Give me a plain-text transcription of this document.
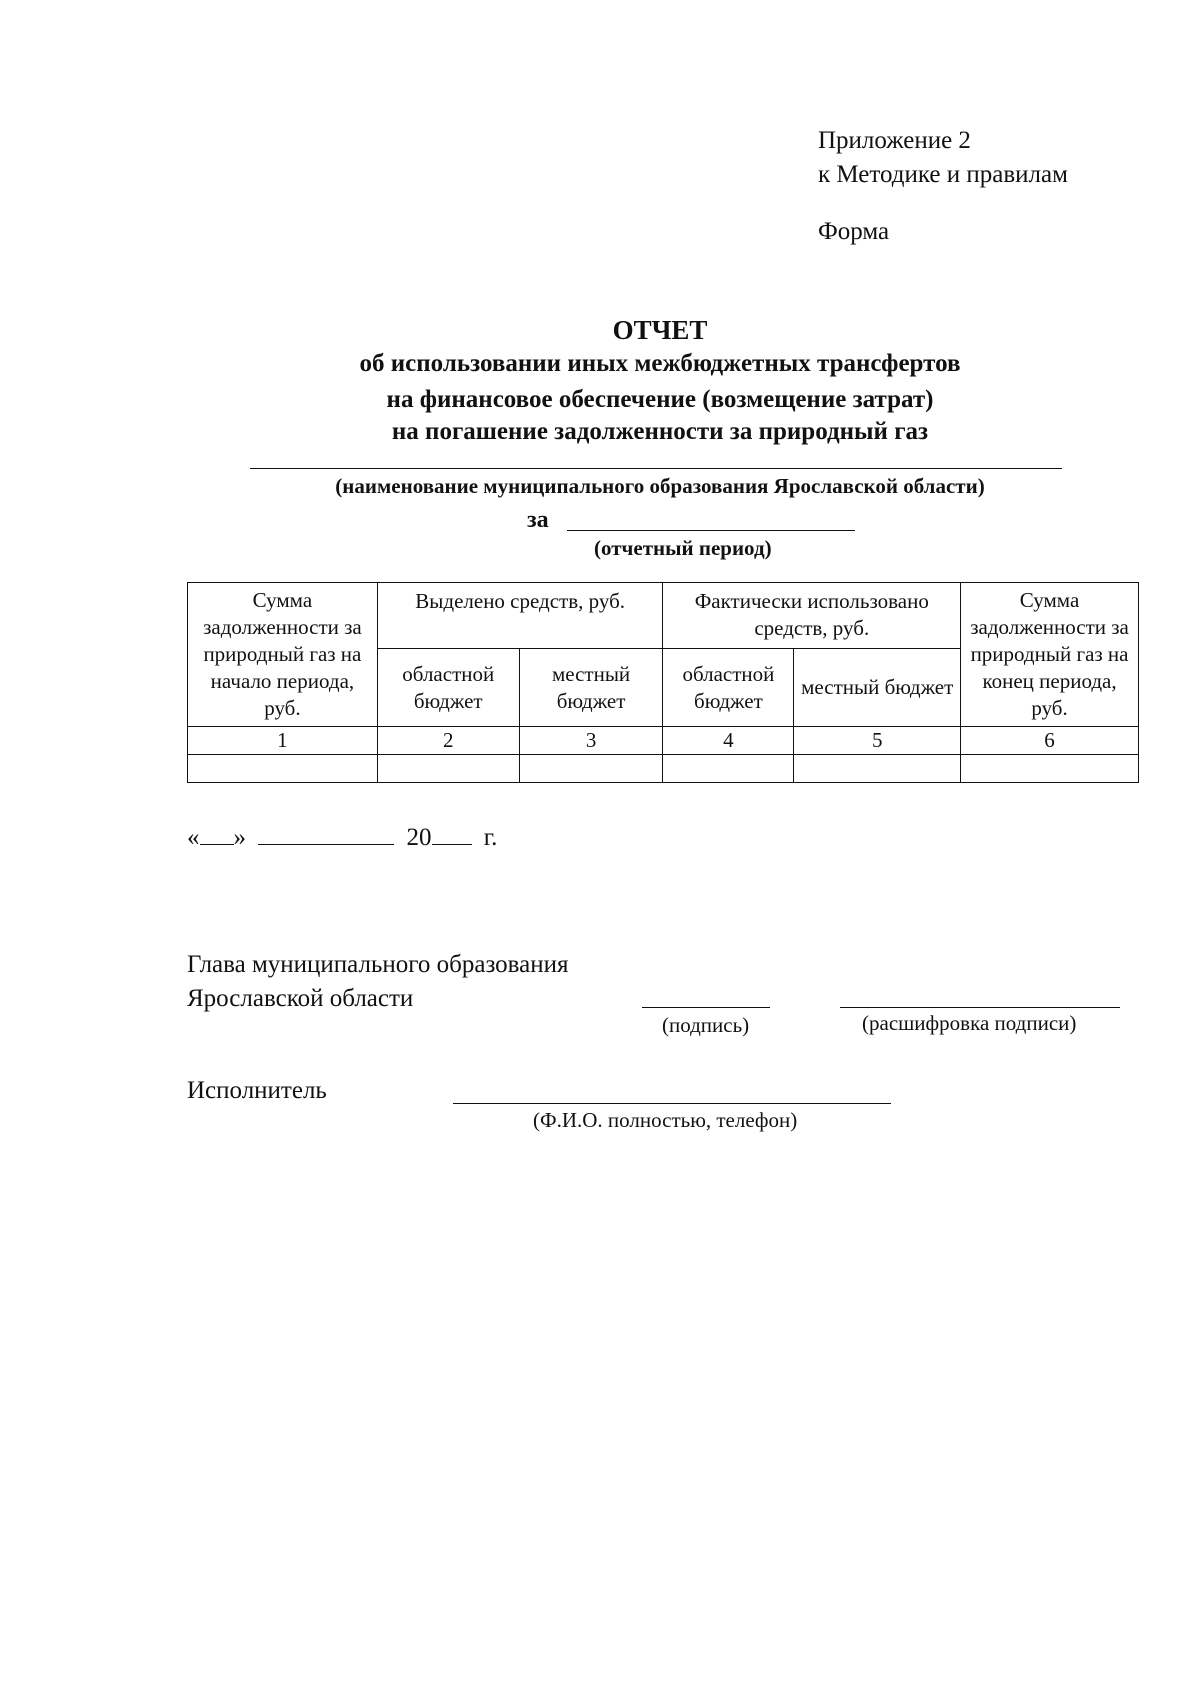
Приложение 2
к Методике и правилам
Форма
ОТЧЕТ
об использовании иных межбюджетных трансфертов
на финансовое обеспечение (возмещение затрат)
на погашение задолженности за природный газ
(наименование муниципального образования Ярославской области)
за
(отчетный период)
Сумма задолженности за природный газ на начало периода, руб.	Выделено средств, руб.		Фактически использовано средств, руб.		Сумма задолженности за природный газ на конец периода, руб.
	областной бюджет	местный бюджет	областной бюджет	местный бюджет	
1	2	3	4	5	6

« »	20 г.
Глава муниципального образования
Ярославской области
(подпись)	(расшифровка подписи)
Исполнитель
(Ф.И.О. полностью, телефон)
